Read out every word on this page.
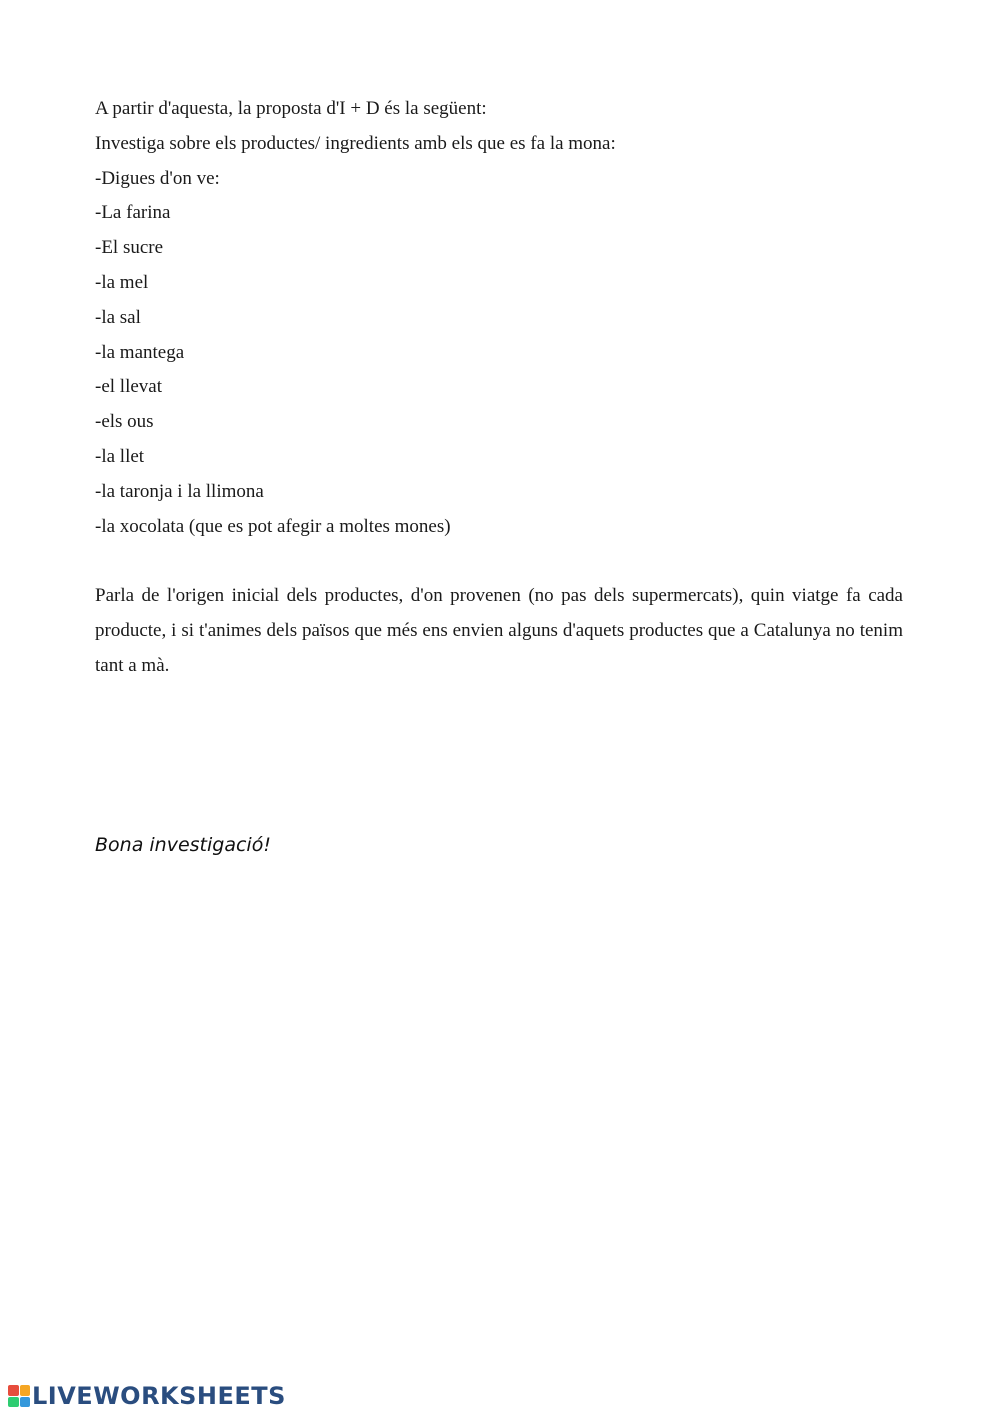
A partir d'aquesta, la proposta d'I + D és la següent:
Investiga sobre els productes/ ingredients amb els que es fa la mona:
-Digues d'on ve:
-La farina
-El sucre
-la mel
-la sal
-la mantega
-el llevat
-els ous
-la llet
-la taronja i la llimona
-la xocolata (que es pot afegir a moltes mones)

Parla de l'origen inicial dels productes, d'on provenen (no pas dels supermercats), quin viatge fa cada producte, i si t'animes dels països que més ens envien alguns d'aquets productes que a Catalunya no tenim tant a mà.

Bona investigació!
LIVEWORKSHEETS
